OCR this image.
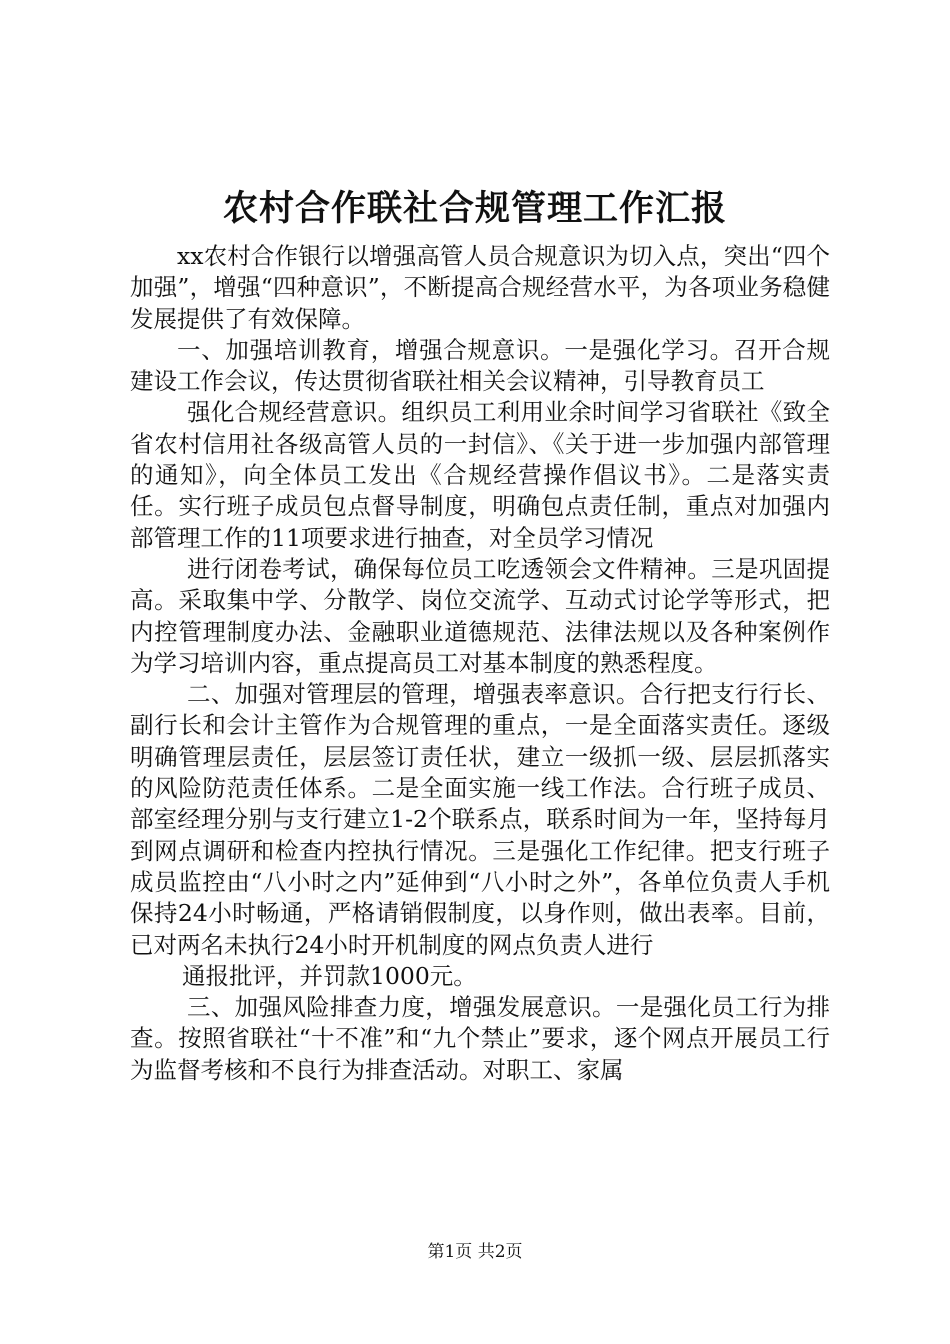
农村合作联社合规管理工作汇报

xx农村合作银行以增强高管人员合规意识为切入点，突出“四个加强”，增强“四种意识”，不断提高合规经营水平，为各项业务稳健发展提供了有效保障。

一、加强培训教育，增强合规意识。一是强化学习。召开合规建设工作会议，传达贯彻省联社相关会议精神，引导教育员工

强化合规经营意识。组织员工利用业余时间学习省联社《致全省农村信用社各级高管人员的一封信》、《关于进一步加强内部管理的通知》，向全体员工发出《合规经营操作倡议书》。二是落实责任。实行班子成员包点督导制度，明确包点责任制，重点对加强内部管理工作的11项要求进行抽查，对全员学习情况

进行闭卷考试，确保每位员工吃透领会文件精神。三是巩固提高。采取集中学、分散学、岗位交流学、互动式讨论学等形式，把内控管理制度办法、金融职业道德规范、法律法规以及各种案例作为学习培训内容，重点提高员工对基本制度的熟悉程度。

二、加强对管理层的管理，增强表率意识。合行把支行行长、副行长和会计主管作为合规管理的重点，一是全面落实责任。逐级明确管理层责任，层层签订责任状，建立一级抓一级、层层抓落实的风险防范责任体系。二是全面实施一线工作法。合行班子成员、部室经理分别与支行建立1-2个联系点，联系时间为一年，坚持每月到网点调研和检查内控执行情况。三是强化工作纪律。把支行班子成员监控由“八小时之内”延伸到“八小时之外”，各单位负责人手机保持24小时畅通，严格请销假制度，以身作则，做出表率。目前，已对两名未执行24小时开机制度的网点负责人进行

通报批评，并罚款1000元。

三、加强风险排查力度，增强发展意识。一是强化员工行为排查。按照省联社“十不准”和“九个禁止”要求，逐个网点开展员工行为监督考核和不良行为排查活动。对职工、家属

第1页 共2页
